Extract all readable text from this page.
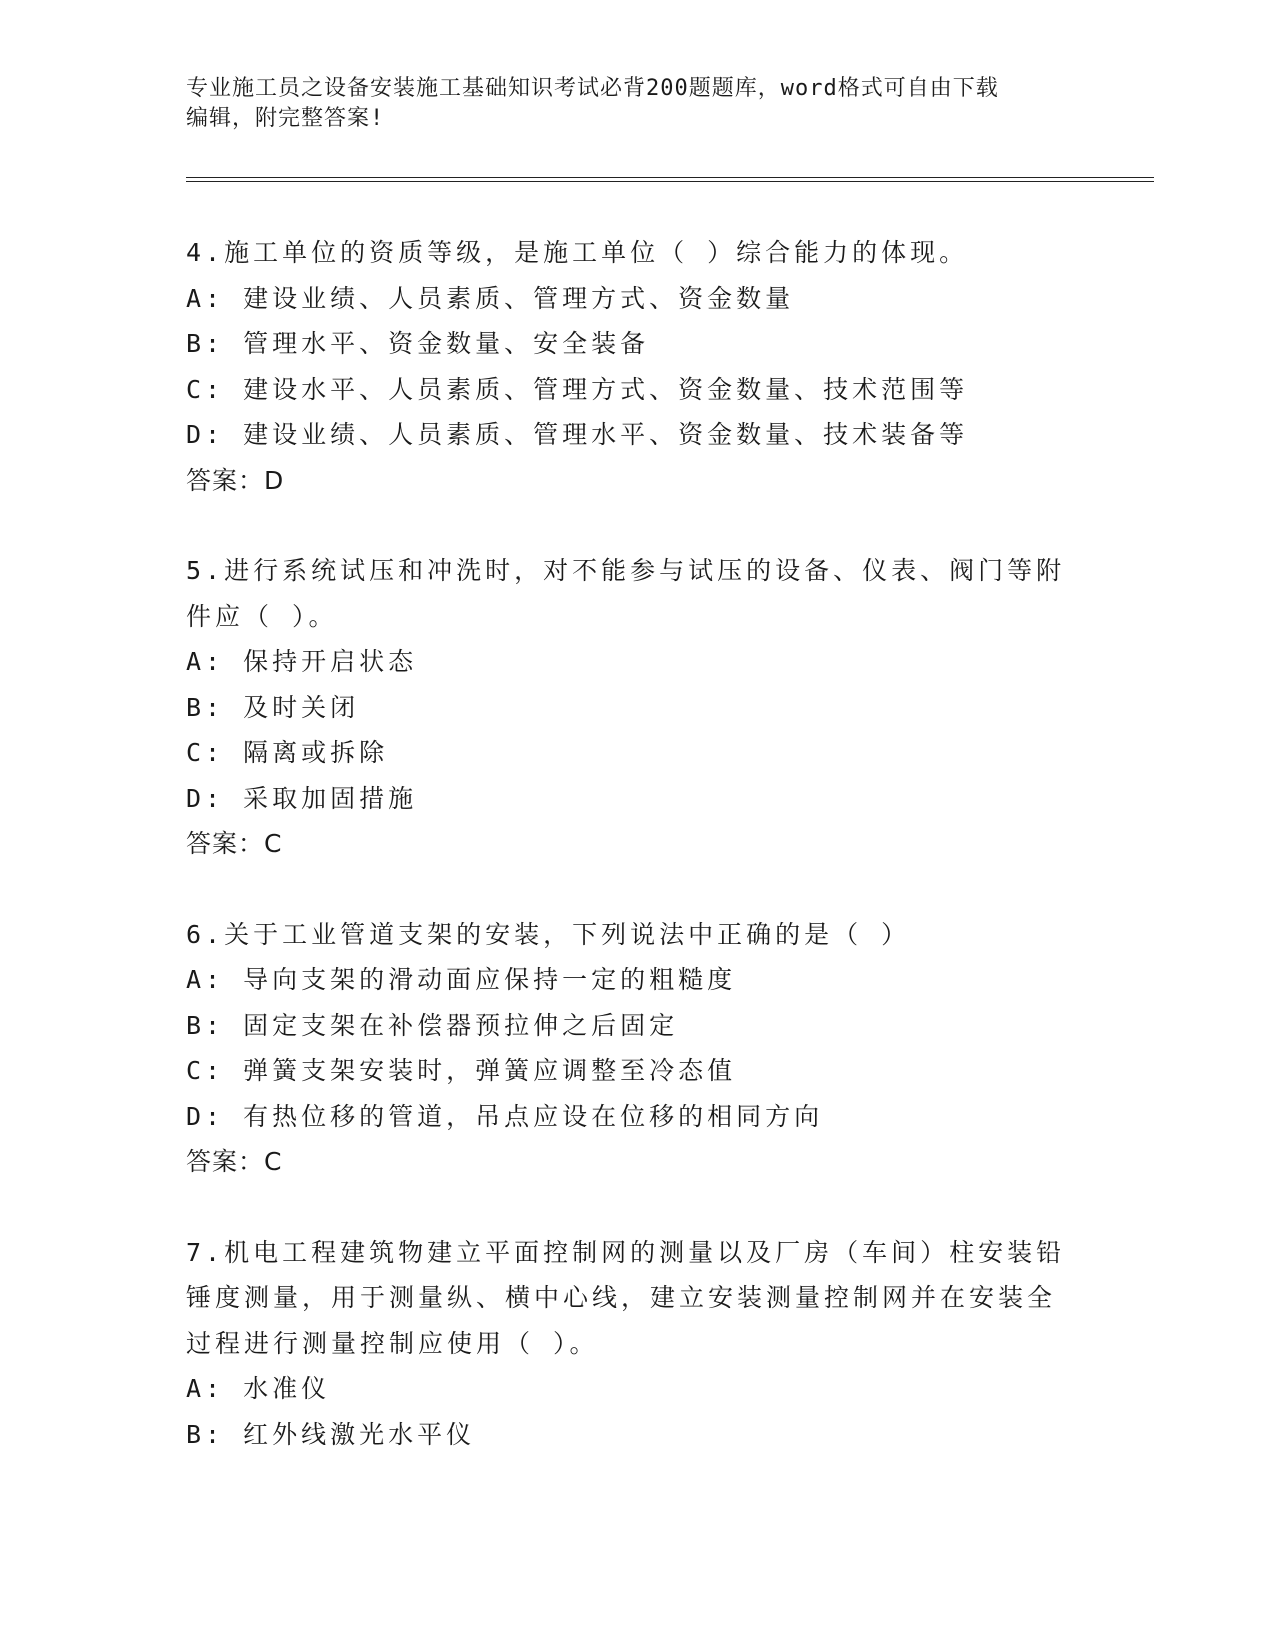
专业施工员之设备安装施工基础知识考试必背200题题库，word格式可自由下载
编辑，附完整答案!
4.施工单位的资质等级，是施工单位（ ）综合能力的体现。
A: 建设业绩、人员素质、管理方式、资金数量
B: 管理水平、资金数量、安全装备
C: 建设水平、人员素质、管理方式、资金数量、技术范围等
D: 建设业绩、人员素质、管理水平、资金数量、技术装备等
答案：D
5.进行系统试压和冲洗时，对不能参与试压的设备、仪表、阀门等附
件应（ ）。
A: 保持开启状态
B: 及时关闭
C: 隔离或拆除
D: 采取加固措施
答案：C
6.关于工业管道支架的安装，下列说法中正确的是（ ）
A: 导向支架的滑动面应保持一定的粗糙度
B: 固定支架在补偿器预拉伸之后固定
C: 弹簧支架安装时，弹簧应调整至冷态值
D: 有热位移的管道，吊点应设在位移的相同方向
答案：C
7.机电工程建筑物建立平面控制网的测量以及厂房（车间）柱安装铅
锤度测量，用于测量纵、横中心线，建立安装测量控制网并在安装全
过程进行测量控制应使用（ ）。
A: 水准仪
B: 红外线激光水平仪
